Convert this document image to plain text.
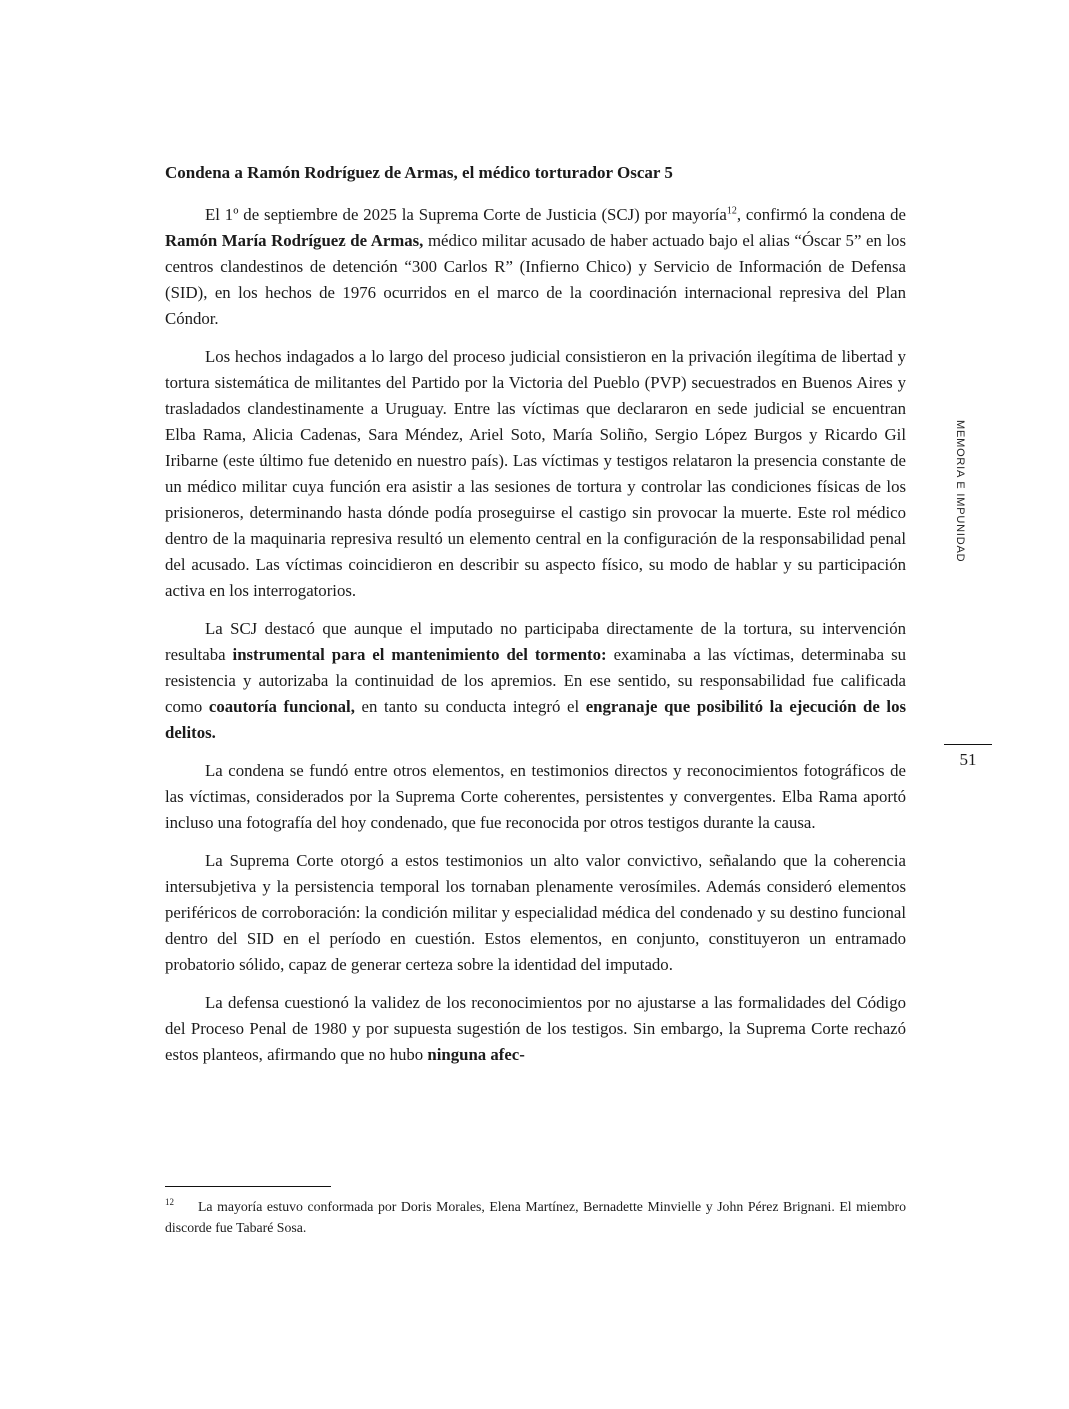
Condena a Ramón Rodríguez de Armas, el médico torturador Oscar 5

El 1º de septiembre de 2025 la Suprema Corte de Justicia (SCJ) por mayoría$^{12}$, confirmó la condena de Ramón María Rodríguez de Armas, médico militar acusado de haber actuado bajo el alias “Óscar 5” en los centros clandestinos de detención “300 Carlos R” (Infierno Chico) y Servicio de Información de Defensa (SID), en los hechos de 1976 ocurridos en el marco de la coordinación internacional represiva del Plan Cóndor.

Los hechos indagados a lo largo del proceso judicial consistieron en la privación ilegítima de libertad y tortura sistemática de militantes del Partido por la Victoria del Pueblo (PVP) secuestrados en Buenos Aires y trasladados clandestinamente a Uruguay. Entre las víctimas que declararon en sede judicial se encuentran Elba Rama, Alicia Cadenas, Sara Méndez, Ariel Soto, María Soliño, Sergio López Burgos y Ricardo Gil Iribarne (este último fue detenido en nuestro país). Las víctimas y testigos relataron la presencia constante de un médico militar cuya función era asistir a las sesiones de tortura y controlar las condiciones físicas de los prisioneros, determinando hasta dónde podía proseguirse el castigo sin provocar la muerte. Este rol médico dentro de la maquinaria represiva resultó un elemento central en la configuración de la responsabilidad penal del acusado. Las víctimas coincidieron en describir su aspecto físico, su modo de hablar y su participación activa en los interrogatorios.

La SCJ destacó que aunque el imputado no participaba directamente de la tortura, su intervención resultaba instrumental para el mantenimiento del tormento: examinaba a las víctimas, determinaba su resistencia y autorizaba la continuidad de los apremios. En ese sentido, su responsabilidad fue calificada como coautoría funcional, en tanto su conducta integró el engranaje que posibilitó la ejecución de los delitos.

La condena se fundó entre otros elementos, en testimonios directos y reconocimientos fotográficos de las víctimas, considerados por la Suprema Corte coherentes, persistentes y convergentes. Elba Rama aportó incluso una fotografía del hoy condenado, que fue reconocida por otros testigos durante la causa.

La Suprema Corte otorgó a estos testimonios un alto valor convictivo, señalando que la coherencia intersubjetiva y la persistencia temporal los tornaban plenamente verosímiles. Además consideró elementos periféricos de corroboración: la condición militar y especialidad médica del condenado y su destino funcional dentro del SID en el período en cuestión. Estos elementos, en conjunto, constituyeron un entramado probatorio sólido, capaz de generar certeza sobre la identidad del imputado.

La defensa cuestionó la validez de los reconocimientos por no ajustarse a las formalidades del Código del Proceso Penal de 1980 y por supuesta sugestión de los testigos. Sin embargo, la Suprema Corte rechazó estos planteos, afirmando que no hubo ninguna afec-

MEMORIA E IMPUNIDAD
51
$^{12}$ La mayoría estuvo conformada por Doris Morales, Elena Martínez, Bernadette Minvielle y John Pérez Brignani. El miembro discorde fue Tabaré Sosa.
